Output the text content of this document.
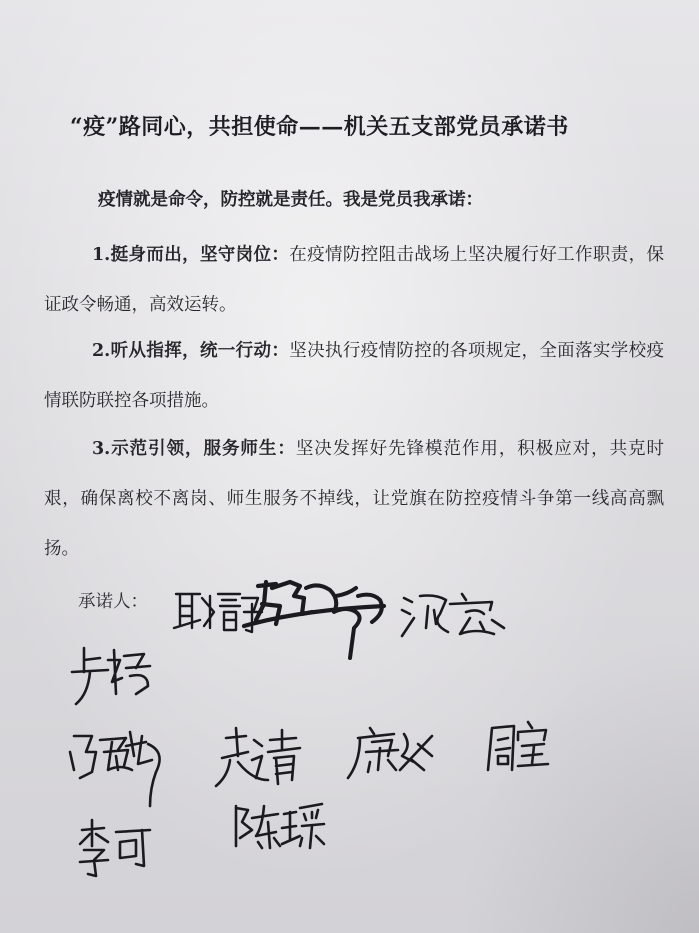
“疫”路同心，共担使命——机关五支部党员承诺书
疫情就是命令，防控就是责任。我是党员我承诺：
1.挺身而出，坚守岗位：在疫情防控阻击战场上坚决履行好工作职责，保证政令畅通，高效运转。
2.听从指挥，统一行动：坚决执行疫情防控的各项规定，全面落实学校疫情联防联控各项措施。
3.示范引领，服务师生：坚决发挥好先锋模范作用，积极应对，共克时艰，确保离校不离岗、师生服务不掉线，让党旗在防控疫情斗争第一线高高飘扬。
承诺人：
